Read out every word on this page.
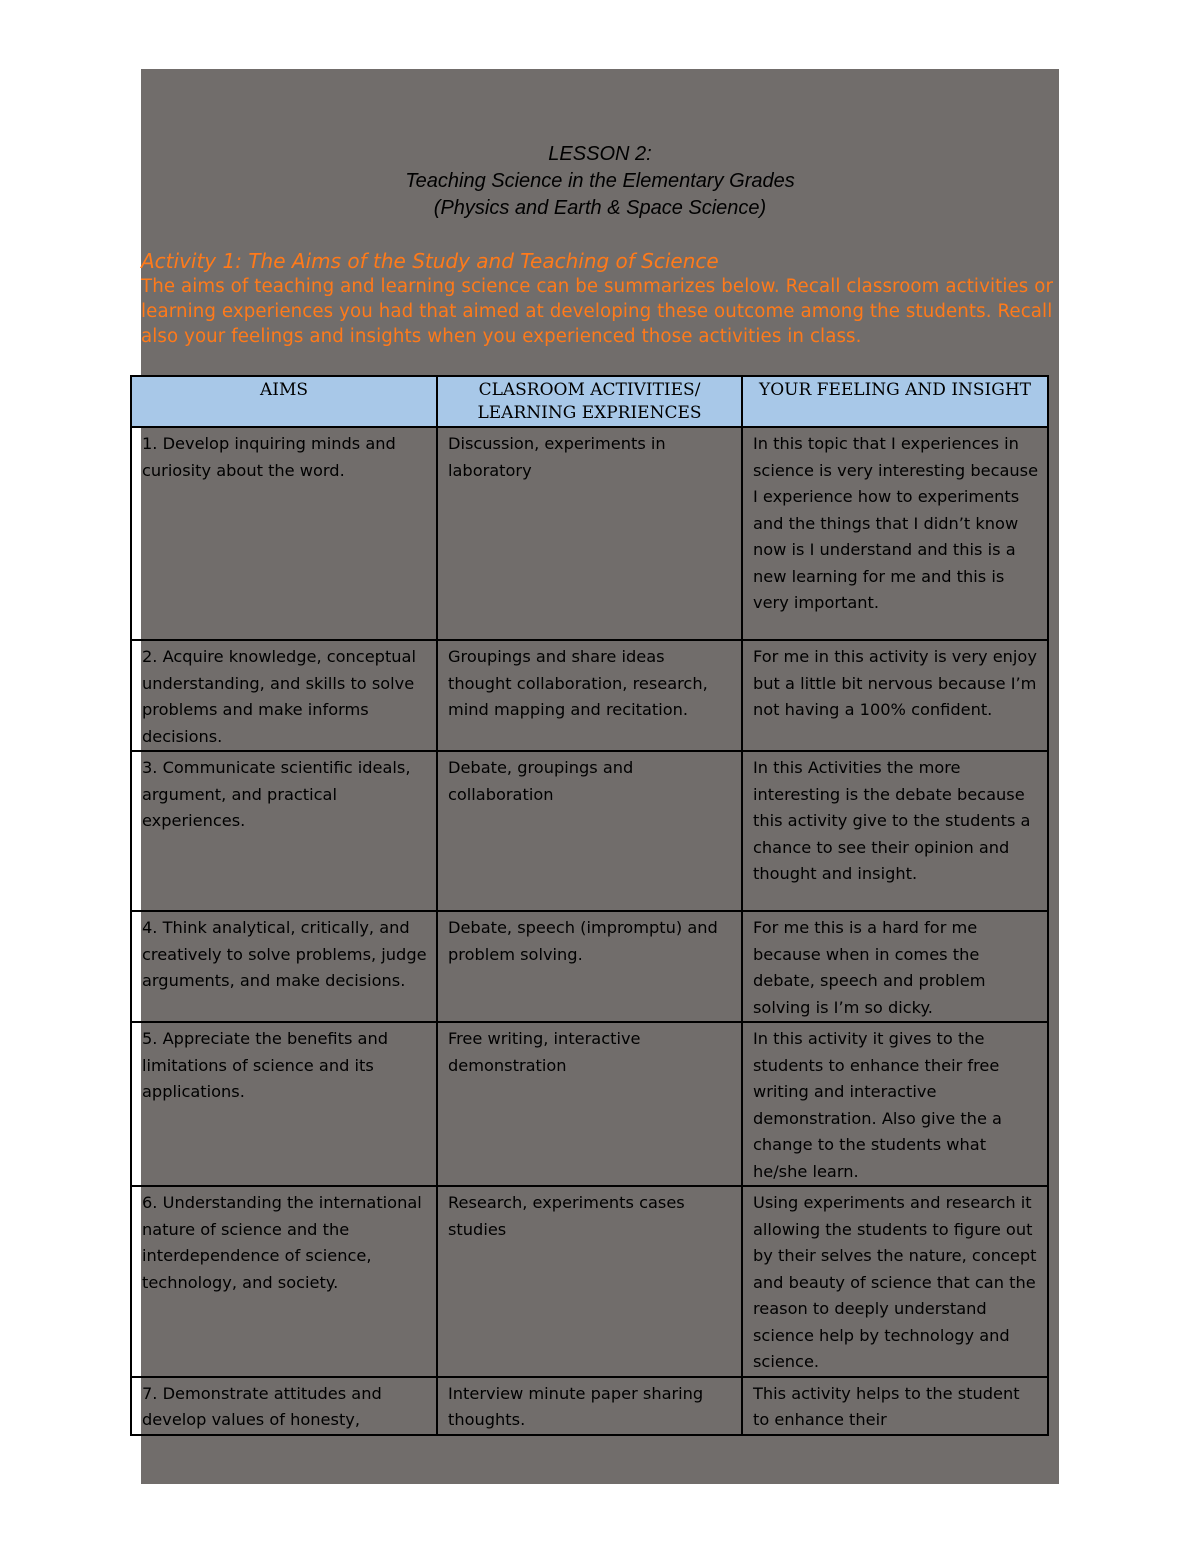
LESSON 2:
Teaching Science in the Elementary Grades
(Physics and Earth & Space Science)
Activity 1: The Aims of the Study and Teaching of Science
The aims of teaching and learning science can be summarizes below. Recall classroom activities or learning experiences you had that aimed at developing these outcome among the students. Recall also your feelings and insights when you experienced those activities in class.
AIMS	CLASROOM ACTIVITIES/ LEARNING EXPRIENCES	YOUR FEELING AND INSIGHT
1. Develop inquiring minds and curiosity about the word.	Discussion, experiments in laboratory	In this topic that I experiences in science is very interesting because I experience how to experiments and the things that I didn’t know now is I understand and this is a new learning for me and this is very important.
2. Acquire knowledge, conceptual understanding, and skills to solve problems and make informs decisions.	Groupings and share ideas thought collaboration, research, mind mapping and recitation.	For me in this activity is very enjoy but a little bit nervous because I’m not having a 100% confident.
3. Communicate scientific ideals, argument, and practical experiences.	Debate, groupings and collaboration	In this Activities the more interesting is the debate because this activity give to the students a chance to see their opinion and thought and insight.
4. Think analytical, critically, and creatively to solve problems, judge arguments, and make decisions.	Debate, speech (impromptu) and problem solving.	For me this is a hard for me because when in comes the debate, speech and problem solving is I’m so dicky.
5. Appreciate the benefits and limitations of science and its applications.	Free writing, interactive demonstration	In this activity it gives to the students to enhance their free writing and interactive demonstration. Also give the a change to the students what he/she learn.
6. Understanding the international nature of science and the interdependence of science, technology, and society.	Research, experiments cases studies	Using experiments and research it allowing the students to figure out by their selves the nature, concept and beauty of science that can the reason to deeply understand science help by technology and science.
7. Demonstrate attitudes and develop values of honesty,	Interview minute paper sharing thoughts.	This activity helps to the student to enhance their
